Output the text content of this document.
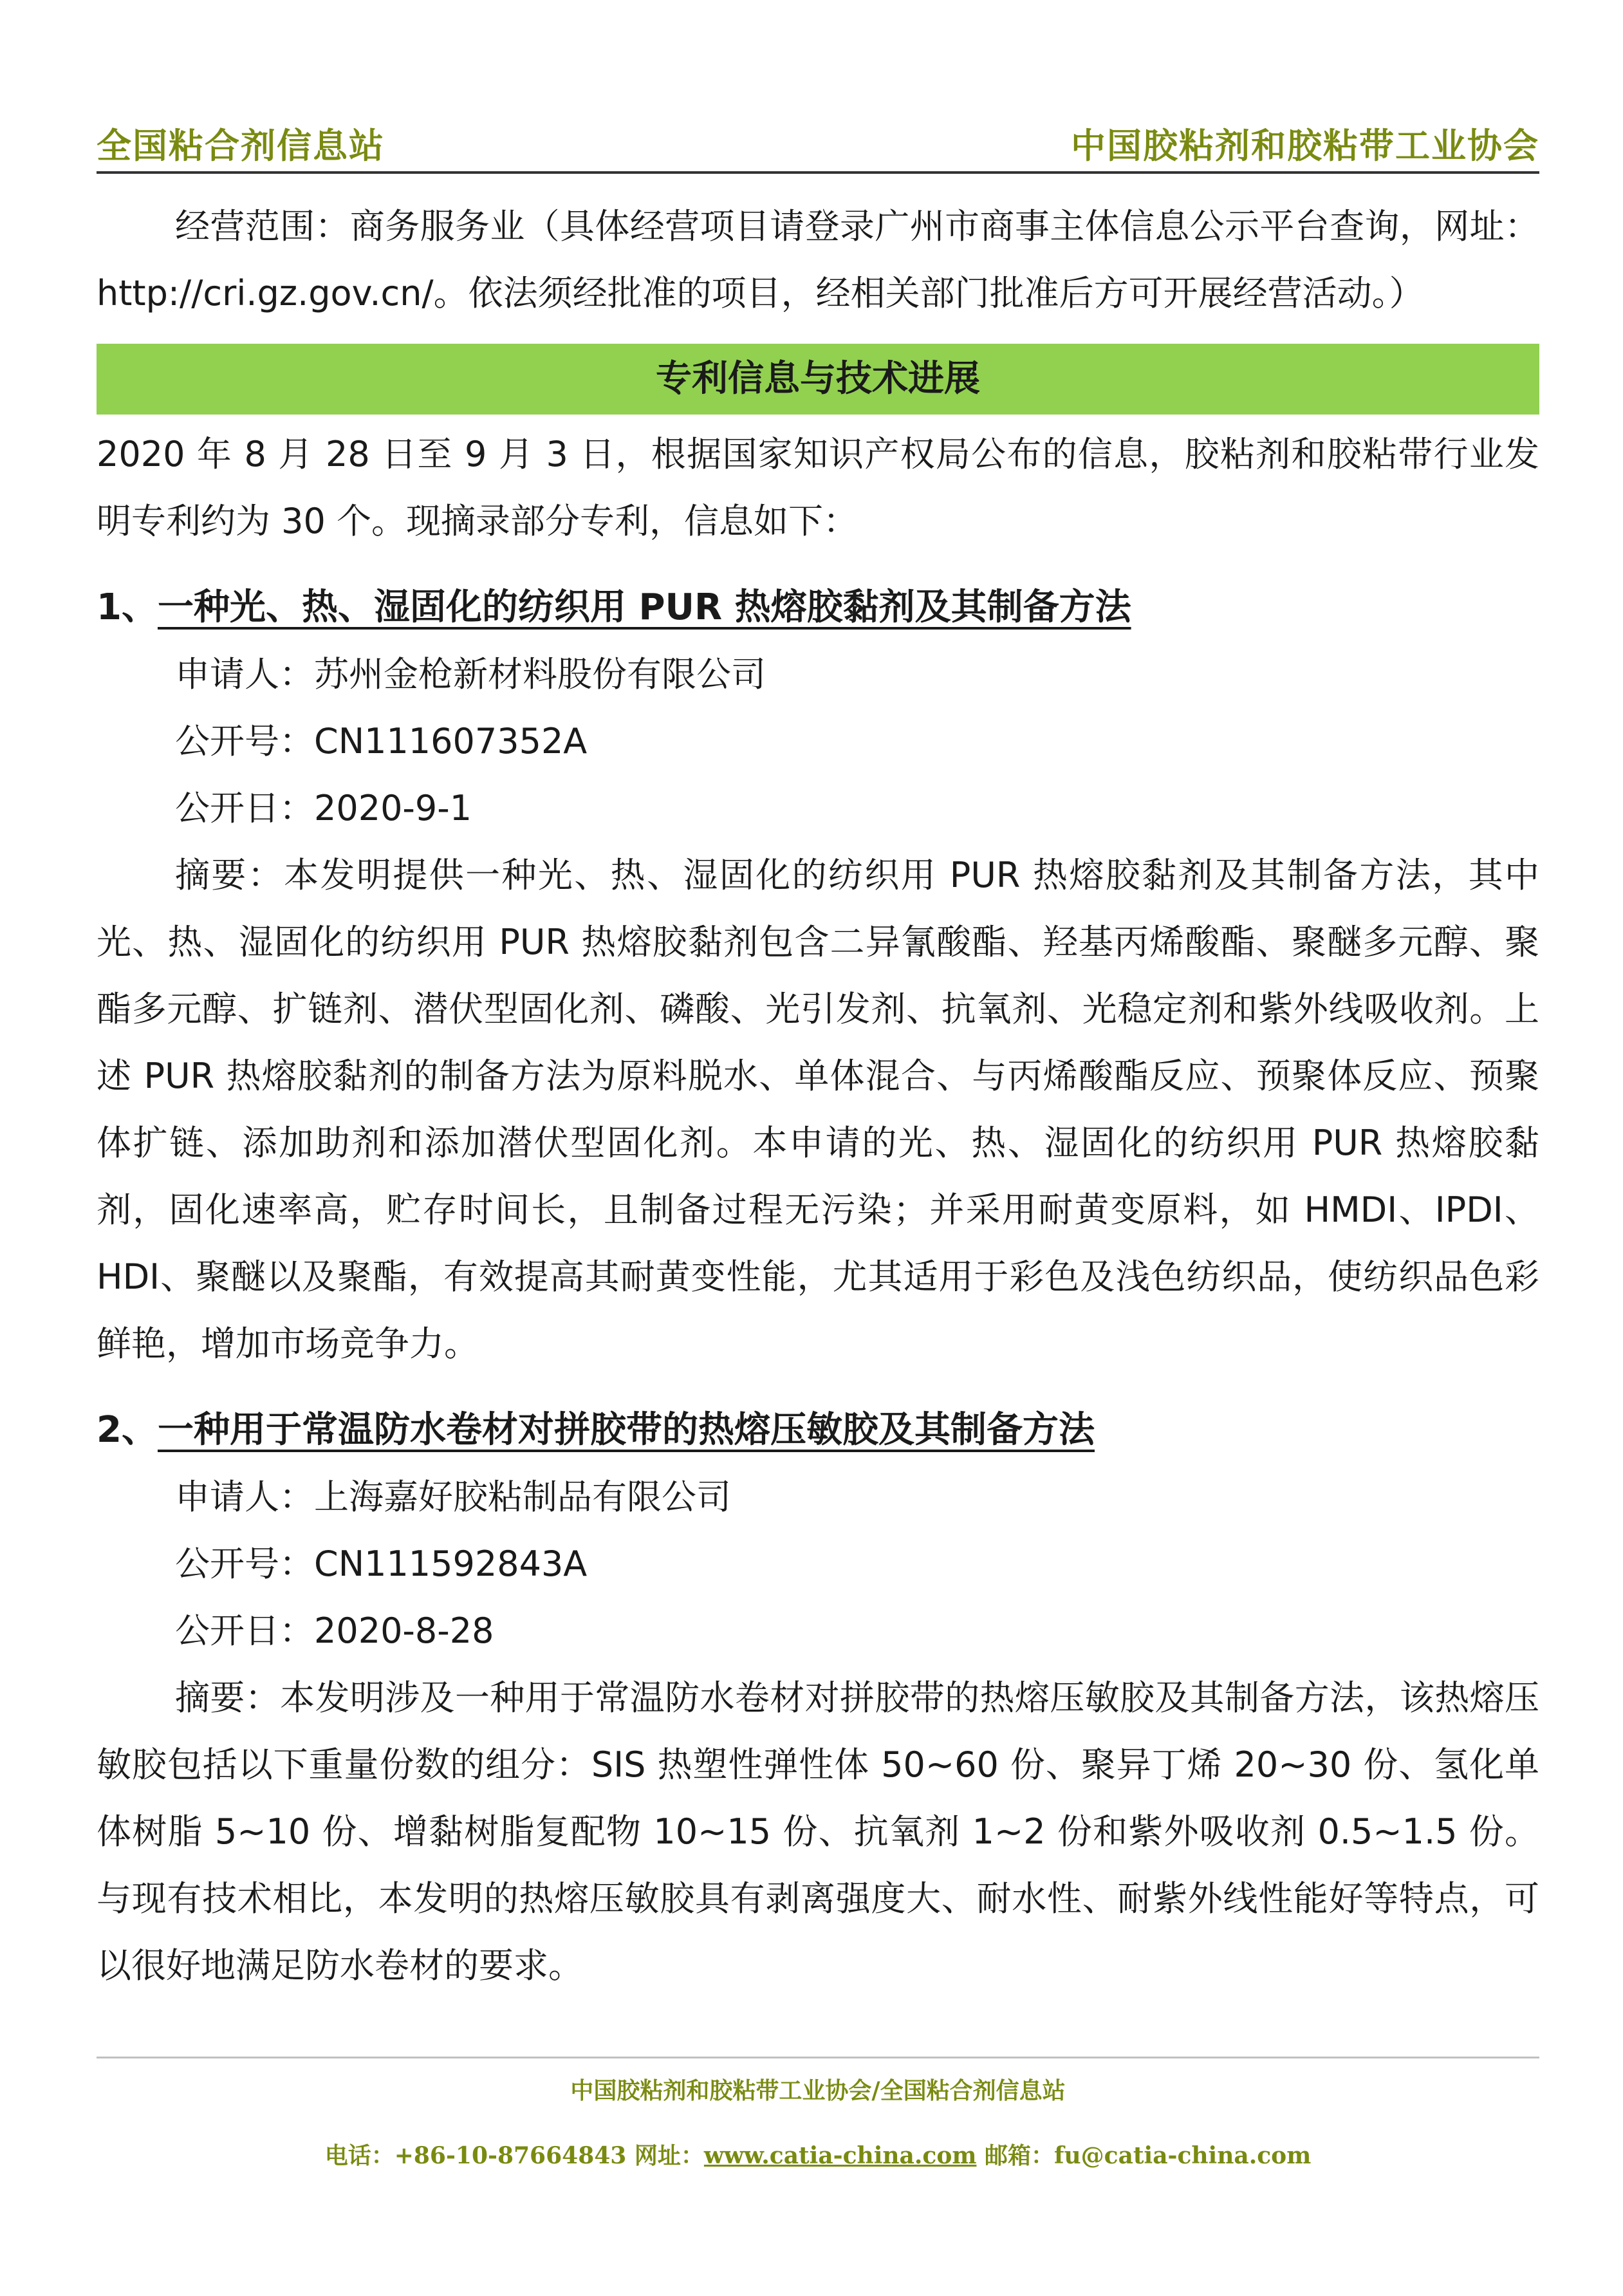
全国粘合剂信息站	中国胶粘剂和胶粘带工业协会

经营范围：商务服务业（具体经营项目请登录广州市商事主体信息公示平台查询，网址：http://cri.gz.gov.cn/。依法须经批准的项目，经相关部门批准后方可开展经营活动。）

专利信息与技术进展

2020 年 8 月 28 日至 9 月 3 日，根据国家知识产权局公布的信息，胶粘剂和胶粘带行业发明专利约为 30 个。现摘录部分专利，信息如下：

1、一种光、热、湿固化的纺织用 PUR 热熔胶黏剂及其制备方法

申请人：苏州金枪新材料股份有限公司

公开号：CN111607352A

公开日：2020-9-1

摘要：本发明提供一种光、热、湿固化的纺织用 PUR 热熔胶黏剂及其制备方法，其中光、热、湿固化的纺织用 PUR 热熔胶黏剂包含二异氰酸酯、羟基丙烯酸酯、聚醚多元醇、聚酯多元醇、扩链剂、潜伏型固化剂、磷酸、光引发剂、抗氧剂、光稳定剂和紫外线吸收剂。上述 PUR 热熔胶黏剂的制备方法为原料脱水、单体混合、与丙烯酸酯反应、预聚体反应、预聚体扩链、添加助剂和添加潜伏型固化剂。本申请的光、热、湿固化的纺织用 PUR 热熔胶黏剂，固化速率高，贮存时间长，且制备过程无污染；并采用耐黄变原料，如 HMDI、IPDI、HDI、聚醚以及聚酯，有效提高其耐黄变性能，尤其适用于彩色及浅色纺织品，使纺织品色彩鲜艳，增加市场竞争力。

2、一种用于常温防水卷材对拼胶带的热熔压敏胶及其制备方法

申请人：上海嘉好胶粘制品有限公司

公开号：CN111592843A

公开日：2020-8-28

摘要：本发明涉及一种用于常温防水卷材对拼胶带的热熔压敏胶及其制备方法，该热熔压敏胶包括以下重量份数的组分：SIS 热塑性弹性体 50~60 份、聚异丁烯 20~30 份、氢化单体树脂 5~10 份、增黏树脂复配物 10~15 份、抗氧剂 1~2 份和紫外吸收剂 0.5~1.5 份。与现有技术相比，本发明的热熔压敏胶具有剥离强度大、耐水性、耐紫外线性能好等特点，可以很好地满足防水卷材的要求。

中国胶粘剂和胶粘带工业协会/全国粘合剂信息站
电话：+86-10-87664843 网址：www.catia-china.com 邮箱：fu@catia-china.com
